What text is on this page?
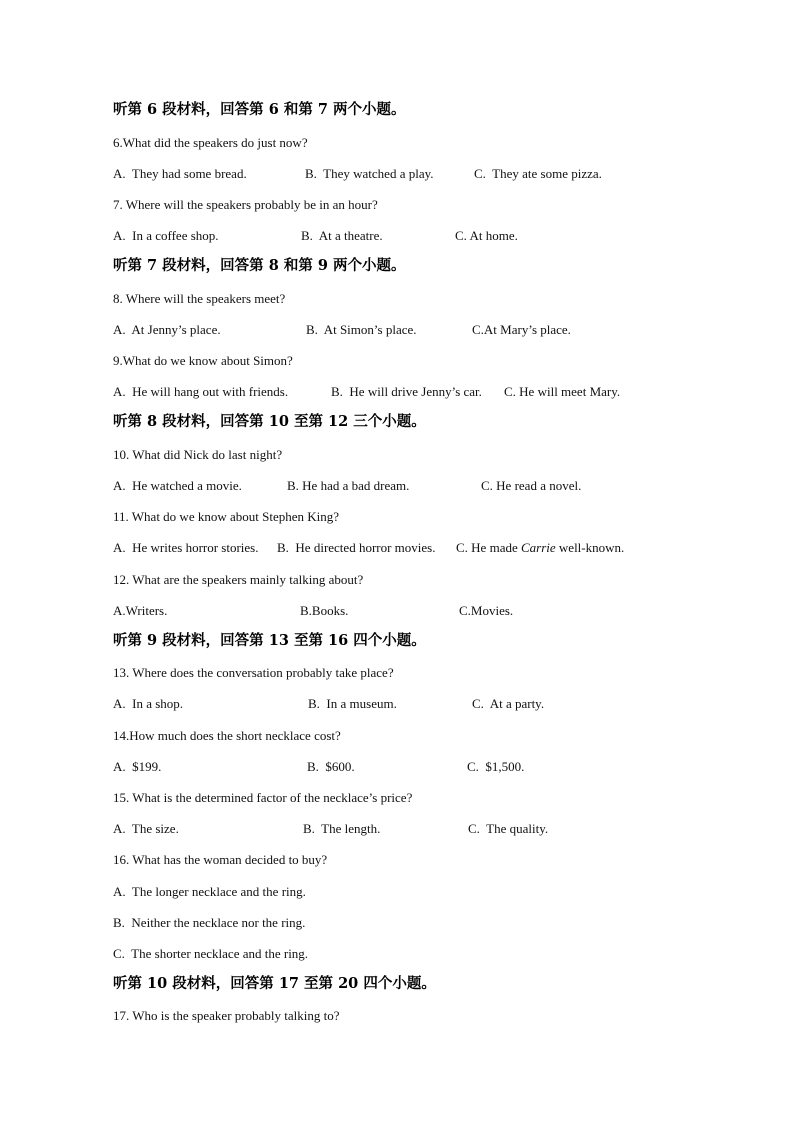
听第 6 段材料，回答第 6 和第 7 两个小题。
6.What did the speakers do just now?

A.  They had some bread.

	B.  They watched a play.

	C.  They ate some pizza.

7. Where will the speakers probably be in an hour?

A.  In a coffee shop.

	B.  At a theatre.

	C. At home.

听第 7 段材料，回答第 8 和第 9 两个小题。
8. Where will the speakers meet?

A.  At Jenny’s place.

	B.  At Simon’s place.

	C.At Mary’s place.

9.What do we know about Simon?

A.  He will hang out with friends.

	B.  He will drive Jenny’s car.

C. He will meet Mary.

听第 8 段材料，回答第 10 至第 12 三个小题。
10. What did Nick do last night?

A.  He watched a movie.

	B. He had a bad dream.

	C. He read a novel.

11. What do we know about Stephen King?

A.  He writes horror stories.

B.  He directed horror movies.

C. He made Carrie well-known.

12. What are the speakers mainly talking about?

A.Writers.

	B.Books.

	C.Movies.

听第 9 段材料，回答第 13 至第 16 四个小题。
13. Where does the conversation probably take place?

A.  In a shop.

	B.  In a museum.

	C.  At a party.

14.How much does the short necklace cost?

A.  $199.

	B.  $600.

	C.  $1,500.

15. What is the determined factor of the necklace’s price?

A.  The size.

	B.  The length.

	C.  The quality.

16. What has the woman decided to buy?
A.  The longer necklace and the ring.
B.  Neither the necklace nor the ring.
C.  The shorter necklace and the ring.
听第 10 段材料，回答第 17 至第 20 四个小题。
17. Who is the speaker probably talking to?
